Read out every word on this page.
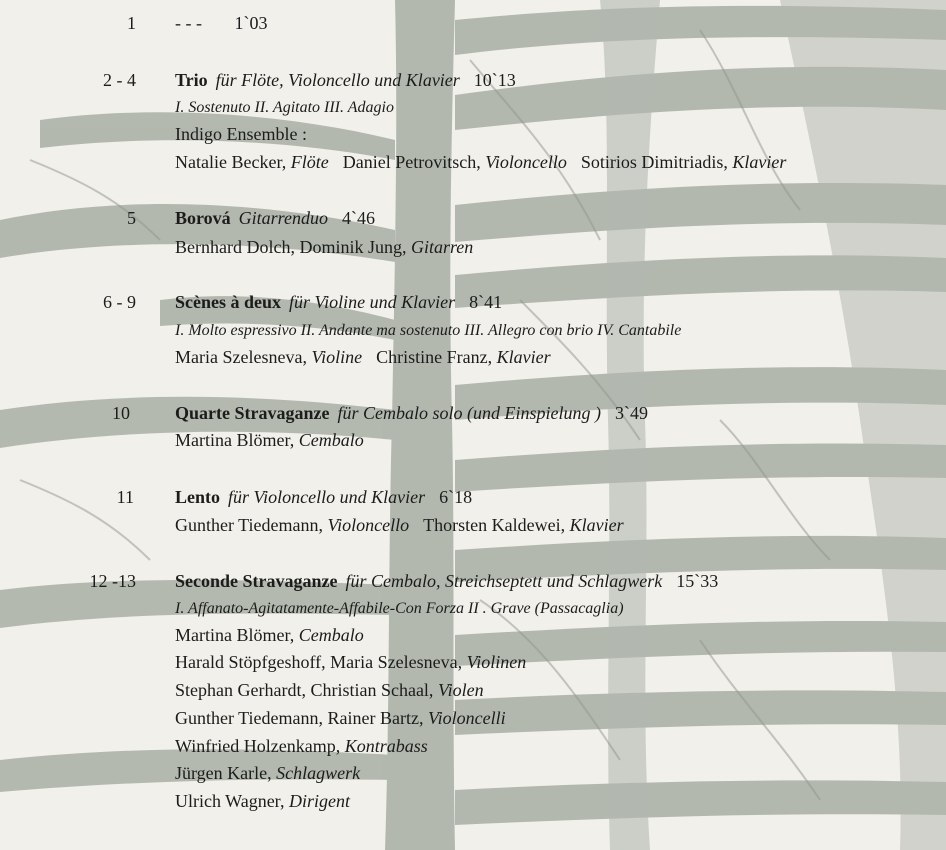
1 - - - 1`03
2 - 4 Trio für Flöte, Violoncello und Klavier 10`13
I. Sostenuto II. Agitato III. Adagio
Indigo Ensemble :
Natalie Becker, Flöte Daniel Petrovitsch, Violoncello Sotirios Dimitriadis, Klavier
5 Borová Gitarrenduo 4`46
Bernhard Dolch, Dominik Jung, Gitarren
6 - 9 Scènes à deux für Violine und Klavier 8`41
I. Molto espressivo II. Andante ma sostenuto III. Allegro con brio IV. Cantabile
Maria Szelesneva, Violine Christine Franz, Klavier
10	Quarte Stravaganze für Cembalo solo (und Einspielung ) 3`49
Martina Blömer, Cembalo
11 Lento für Violoncello und Klavier 6`18
Gunther Tiedemann, Violoncello Thorsten Kaldewei, Klavier
12 -13 Seconde Stravaganze für Cembalo, Streichseptett und Schlagwerk 15`33
I. Affanato-Agitatamente-Affabile-Con Forza II . Grave (Passacaglia)
Martina Blömer, Cembalo
Harald Stöpfgeshoff, Maria Szelesneva, Violinen
Stephan Gerhardt, Christian Schaal, Violen
Gunther Tiedemann, Rainer Bartz, Violoncelli
Winfried Holzenkamp, Kontrabass
Jürgen Karle, Schlagwerk
Ulrich Wagner, Dirigent
